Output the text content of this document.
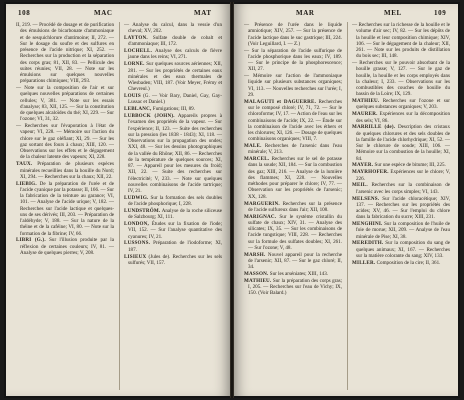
108	MAC	MAT

II, 219. — Procédé de dosage et de purification des émulsions de bicarbonate d'ammoniaque et de sesquichlorure d'antimoine; II, 272. — Sur le dosage du soufre et des sulfures en présence de l'acide nitrique; XI, 252. — Recherches sur la production et la séparation des corps gras; 81, XII, 83. — Pellicule des suites réunies; VII, 28. — Note sur les émulsions sur quelques nouvelles préparations chimiques; VIII, 293.

— Note sur la composition de l'air et sur quelques nouvelles préparations de certaines cellules; V, 381. — Note sur les essais d'analyse; 83, XII, 125. — Sur la constitution de quelques alcaloïdes du thé; XI, 229. — Sur l'ozone; VI, 31, 32.

— Recherches sur l'évaporation à l'état de vapeur; VI, 228. — Mémoire sur l'action du chlore sur le gaz oléfiant; XI, 29. — Sur les gaz sortant des fours à chaux; XIII, 120. — Observations sur les effets et le dégagement de la chaleur latente des vapeurs; XI, 228.

TAUX. Préparation de plusieurs espèces minérales recueillies dans la houille du Nord; XI, 294. — Recherches sur la chaux; XII, 22.

LIEBIG. De la préparation de l'urée et de l'acide cyanique par la potasse; II, 166. — Sur la fabrication de la teinture au garance; VI, 101. — Analyse de l'acide urique; V, 182. — Recherches sur l'acide lactique et quelques-uns de ses dérivés; III, 203. — Préparation de l'aldéhyde; V, 188. — Sur la nature de la théine et de la caféine; VI, 80. — Note sur la formation de la fibrine; IV, 66.

LIBRI (G.). Sur l'illusion produite par la réflexion de certaines couleurs; IV, 81. — Analyse de quelques pierres; V, 208.

— Analyse du calcul, dans la vessie d'un cheval; XV, 202.

LAYTON. Sulfate double de cobalt et d'ammoniaque; III, 172.

LOCHELL. Analyse des calculs de fièvre jaune dans les reins; VI, 271.

LORNE. Sur quelques sources aériennes; XII, 281. — Sur les propriétés de certaines eaux minérales et des eaux thermales de Wiesbaden; VIII, 187. (Voir Meyer, Frémy et Chevreul.)

LOUIS (G. — Voir Bary, Daniel, Gay, Gay-Lussac et Daniel.)

LEBLANC, Fumigations; III, 89.

LUBBOCK (JOHN). Appareils propres à l'examen des propriétés de la vapeur. — Sur l'expérience; II, 123. — Suite des recherches sur la pression (les 1838 - 1843); XI, 118. — Observations sur la propagation des ondes; XXI, 48. — Sur les dessins photographiques de la vallée du Rhône; XII, 86. — Recherches de la température de quelques sources; XI, 87. — Appareil pour les mesures du froid; XII, 22. — Suite des recherches sur l'électricité; V, 233. — Note sur quelques nouvelles combinaisons de l'acide tartrique; IV, 21.

LUDWIG. Sur la formation des sels doubles de l'acide phosphorique; I, 228.

LUNDSTRÖM. Analyse de la roche siliceuse de Salzbourg; XI, 111.

LONDON, Études sur la fixation de l'iode; VII, 152. — Sur l'analyse quantitative des cyanures; IV, 21.

LUSSONS. Préparation de l'iodoforme; XI, 187.

LISIEUX (Jules de). Recherches sur les sels sulfurés; VII, 157.

MAR	MEL	109

— Présence de l'urée dans le liquide amniotique; XIV, 257. — Sur la présence de l'acide lactique dans le suc gastrique; III, 224. (Voir Leguillard, I. — Z.)

— Sur la séparation de l'acide sulfurique de l'acide phosphorique dans les eaux; IV, 189. — Sur le principe de la phosphorescence; XII, 27.

— Mémoire sur l'action de l'ammoniaque liquide sur plusieurs substances organiques; VI, 113. — Nouvelles recherches sur l'urée; I, 29.

MALAGUTI et DAGUERRE. Recherches sur le composé chloré; IV, 71, 72. — Sur le chloroforme; IV, 17. — Action de l'eau sur les combinaisons de l'acide; IX, 22. — Étude sur la combinaison de l'acide avec les éthers et les chlorures; XI, 126. — Dosage de quelques combinaisons organiques; VIII, 7.

MALE. Recherches de l'arsenic dans l'eau minérale; V, 213.

MARCEL. Recherches sur le sel de potasse dans la soude; XII, 184. — Sur la combustion des gaz; XIII, 216. — Analyse de la lumière des flammes; XI, 228. — Nouvelles méthodes pour préparer le chlore; IV, 77. — Observation sur les propriétés de l'arsenic; XX, 128.

MARGUERIN. Recherches sur la présence de l'acide sulfureux dans l'air; XII, 108.

MARIGNAC. Sur le système cristallin du sulfate de chaux; XIV, 31. — Analyse des silicates; IX, 35. — Sur les combinaisons de l'acide tungstique; VIII, 228. — Recherches sur la formule des sulfates doubles; XI, 261. — Sur l'ozone; V, 48.

MARSH. Nouvel appareil pour la recherche de l'arsenic; XII, 87. — Sur le gaz chloré; II, 34.

MASSON. Sur les arséniates; XIII, 143.

MATHIEU. Sur la préparation des corps gras; I, 205. — Recherches sur l'eau de Vichy; IX, 150. (Voir Balard.)

— Recherches sur la richesse de la houille et le volume d'air sec; IV, 82. — Sur les dépôts de la houille et leur composition chimique; XIV, 106. — Sur le dégagement de la chaleur; XII, 261. — Note sur les produits de distillation du bois sec; III, 148.

— Recherches sur le pouvoir absorbant de la houille grasse; V, 127. — Sur le gaz de houille, la houille et les corps employés dans la chaleur; I, 233. — Observations sur les combustibles des couches de houille du bassin de la Loire; IX, 129.

MATHIEU. Recherches sur l'ozone et sur quelques substances organiques; V, 203.

MAURER. Expériences sur la décomposition des sels; VI, 86.

MARRILLE (de). Description des cristaux de quelques chlorures et des sels doubles de la famille de l'acide chlorhydrique; XI, 52. — Sur le chlorure de soude; XIII, 106. — Mémoire sur la combustion de la houille; XI, 84.

MAYER. Sur une espèce de bitume; III, 225.

MAYRHOFER. Expériences sur le chlore; V, 226.

MEIL. Recherches sur la combinaison de l'arsenic avec les corps simples; VI, 143.

MELSENS. Sur l'acide chloracétique; XIV, 137. — Recherches sur les propriétés des acides; XV, 46. — Sur l'emploi du chlore dans la fabrication du sucre; XIII, 231.

MENGHINI. Sur la composition de l'huile de foie de morue; XII, 209. — Analyse de l'eau minérale de Pise; XI, 38.

MEREDITH. Sur la composition du sang de quelques animaux; XI, 167. — Recherches sur la matière colorante du sang; XIV, 133.

MILLER. Composition de la cire; II, 361.
